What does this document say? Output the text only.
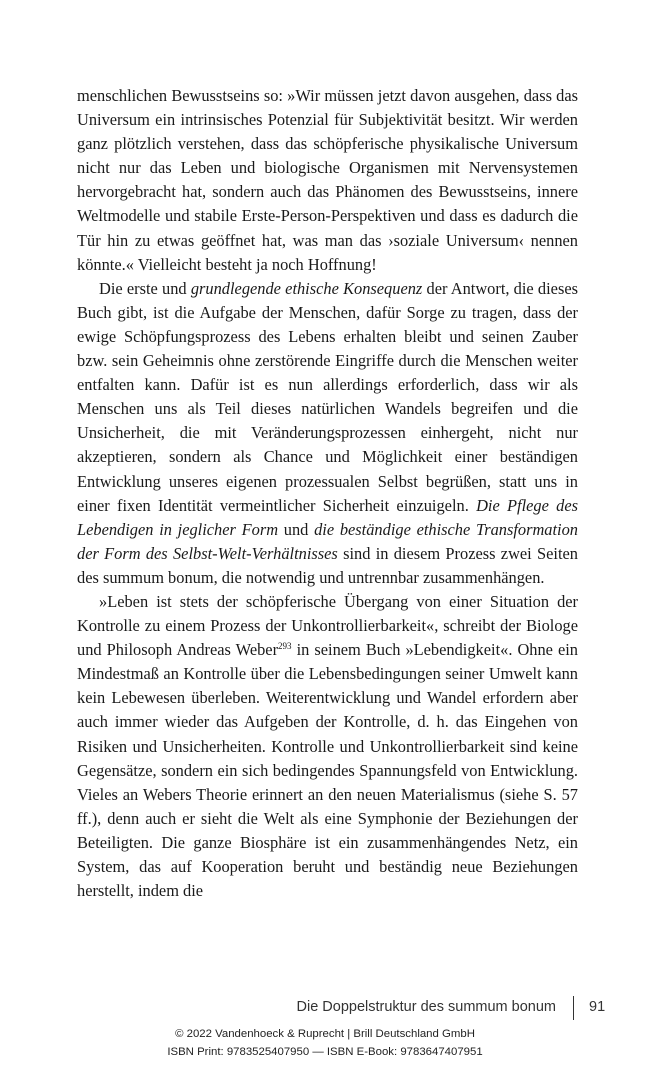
menschlichen Bewusstseins so: »Wir müssen jetzt davon ausgehen, dass das Universum ein intrinsisches Potenzial für Subjektivität besitzt. Wir werden ganz plötzlich verstehen, dass das schöpferische physikalische Universum nicht nur das Leben und biologische Organismen mit Nervensystemen hervorgebracht hat, sondern auch das Phänomen des Bewusstseins, innere Weltmodelle und stabile Erste-Person-Perspektiven und dass es dadurch die Tür hin zu etwas geöffnet hat, was man das ›soziale Universum‹ nennen könnte.« Vielleicht besteht ja noch Hoffnung!

Die erste und grundlegende ethische Konsequenz der Antwort, die dieses Buch gibt, ist die Aufgabe der Menschen, dafür Sorge zu tragen, dass der ewige Schöpfungsprozess des Lebens erhalten bleibt und seinen Zauber bzw. sein Geheimnis ohne zerstörende Eingriffe durch die Menschen weiter entfalten kann. Dafür ist es nun allerdings erforderlich, dass wir als Menschen uns als Teil dieses natürlichen Wandels begreifen und die Unsicherheit, die mit Veränderungsprozessen einhergeht, nicht nur akzeptieren, sondern als Chance und Möglichkeit einer beständigen Entwicklung unseres eigenen prozessualen Selbst begrüßen, statt uns in einer fixen Identität vermeintlicher Sicherheit einzuigeln. Die Pflege des Lebendigen in jeglicher Form und die beständige ethische Transformation der Form des Selbst-Welt-Verhältnisses sind in diesem Prozess zwei Seiten des summum bonum, die notwendig und untrennbar zusammenhängen.

»Leben ist stets der schöpferische Übergang von einer Situation der Kontrolle zu einem Prozess der Unkontrollierbarkeit«, schreibt der Biologe und Philosoph Andreas Weber$^{293}$ in seinem Buch »Lebendigkeit«. Ohne ein Mindestmaß an Kontrolle über die Lebensbedingungen seiner Umwelt kann kein Lebewesen überleben. Weiterentwicklung und Wandel erfordern aber auch immer wieder das Aufgeben der Kontrolle, d. h. das Eingehen von Risiken und Unsicherheiten. Kontrolle und Unkontrollierbarkeit sind keine Gegensätze, sondern ein sich bedingendes Spannungsfeld von Entwicklung. Vieles an Webers Theorie erinnert an den neuen Materialismus (siehe S. 57 ff.), denn auch er sieht die Welt als eine Symphonie der Beziehungen der Beteiligten. Die ganze Biosphäre ist ein zusammenhängendes Netz, ein System, das auf Kooperation beruht und beständig neue Beziehungen herstellt, indem die

Die Doppelstruktur des summum bonum 91
© 2022 Vandenhoeck & Ruprecht | Brill Deutschland GmbH
ISBN Print: 9783525407950 — ISBN E-Book: 9783647407951
